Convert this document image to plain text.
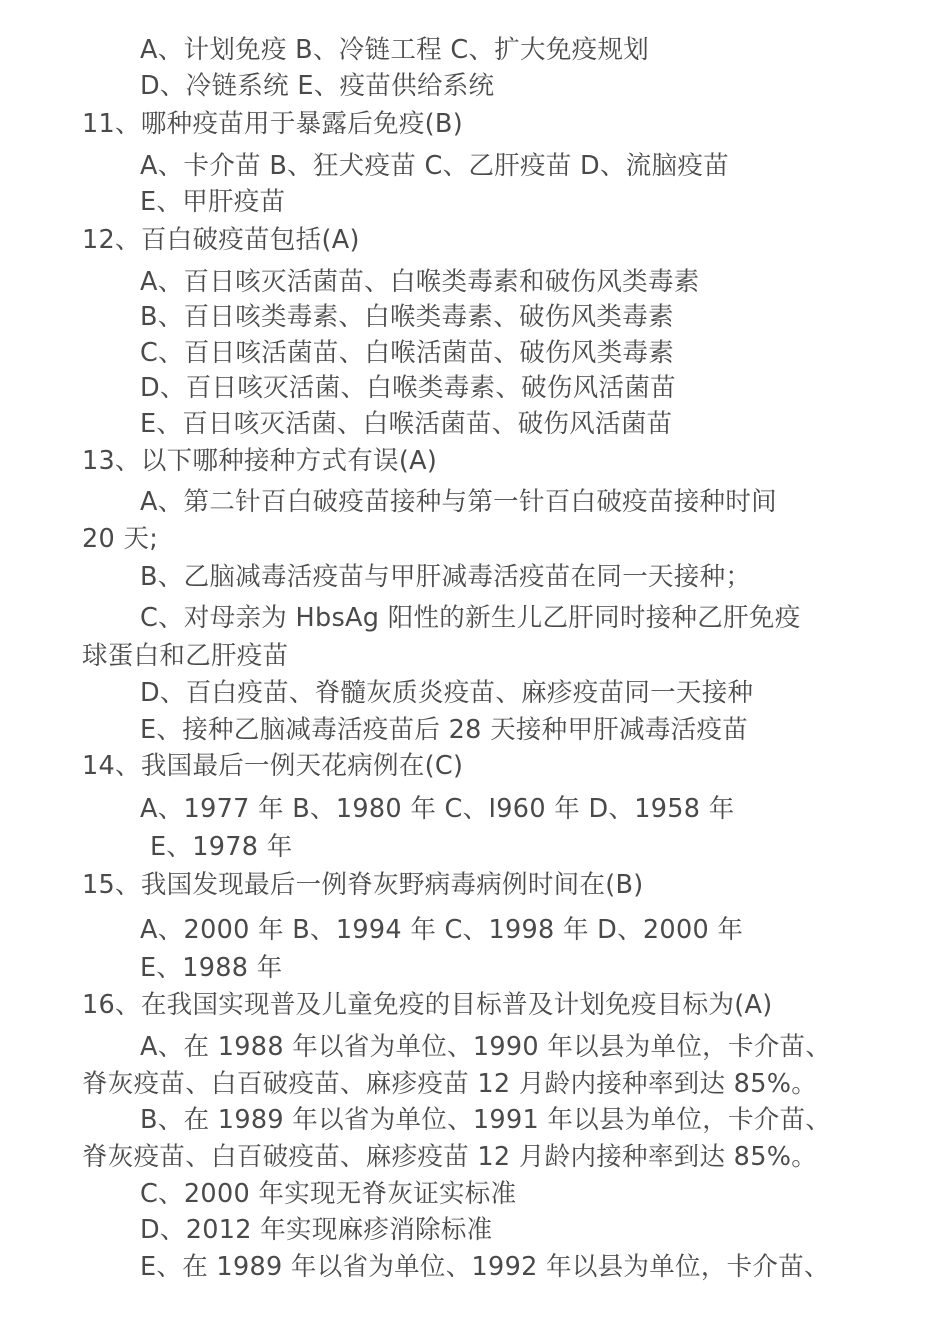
A、计划免疫 B、冷链工程 C、扩大免疫规划
D、冷链系统 E、疫苗供给系统
11、哪种疫苗用于暴露后免疫(B)
A、卡介苗 B、狂犬疫苗 C、乙肝疫苗 D、流脑疫苗
E、甲肝疫苗
12、百白破疫苗包括(A)
A、百日咳灭活菌苗、白喉类毒素和破伤风类毒素
B、百日咳类毒素、白喉类毒素、破伤风类毒素
C、百日咳活菌苗、白喉活菌苗、破伤风类毒素
D、百日咳灭活菌、白喉类毒素、破伤风活菌苗
E、百日咳灭活菌、白喉活菌苗、破伤风活菌苗
13、以下哪种接种方式有误(A)
A、第二针百白破疫苗接种与第一针百白破疫苗接种时间
20 天;
B、乙脑减毒活疫苗与甲肝减毒活疫苗在同一天接种；
C、对母亲为 HbsAg 阳性的新生儿乙肝同时接种乙肝免疫
球蛋白和乙肝疫苗
D、百白疫苗、脊髓灰质炎疫苗、麻疹疫苗同一天接种
E、接种乙脑减毒活疫苗后 28 天接种甲肝减毒活疫苗
14、我国最后一例天花病例在(C)
A、1977 年 B、1980 年 C、I960 年 D、1958 年
E、1978 年
15、我国发现最后一例脊灰野病毒病例时间在(B)
A、2000 年 B、1994 年 C、1998 年 D、2000 年
E、1988 年
16、在我国实现普及儿童免疫的目标普及计划免疫目标为(A)
A、在 1988 年以省为单位、1990 年以县为单位，卡介苗、
脊灰疫苗、白百破疫苗、麻疹疫苗 12 月龄内接种率到达 85%。
B、在 1989 年以省为单位、1991 年以县为单位，卡介苗、
脊灰疫苗、白百破疫苗、麻疹疫苗 12 月龄内接种率到达 85%。
C、2000 年实现无脊灰证实标准
D、2012 年实现麻疹消除标准
E、在 1989 年以省为单位、1992 年以县为单位，卡介苗、
